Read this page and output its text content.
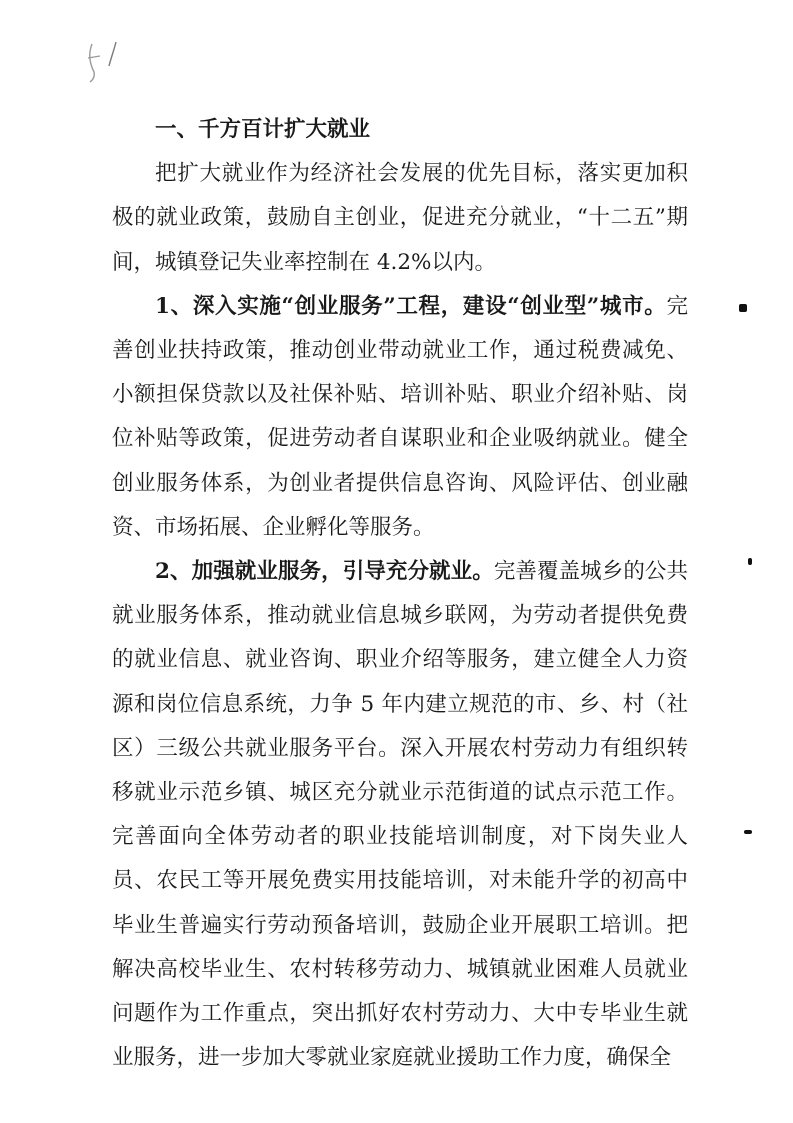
一、千方百计扩大就业

把扩大就业作为经济社会发展的优先目标，落实更加积极的就业政策，鼓励自主创业，促进充分就业，“十二五”期间，城镇登记失业率控制在 4.2%以内。

1、深入实施“创业服务”工程，建设“创业型”城市。完善创业扶持政策，推动创业带动就业工作，通过税费减免、小额担保贷款以及社保补贴、培训补贴、职业介绍补贴、岗位补贴等政策，促进劳动者自谋职业和企业吸纳就业。健全创业服务体系，为创业者提供信息咨询、风险评估、创业融资、市场拓展、企业孵化等服务。

2、加强就业服务，引导充分就业。完善覆盖城乡的公共就业服务体系，推动就业信息城乡联网，为劳动者提供免费的就业信息、就业咨询、职业介绍等服务，建立健全人力资源和岗位信息系统，力争 5 年内建立规范的市、乡、村（社区）三级公共就业服务平台。深入开展农村劳动力有组织转移就业示范乡镇、城区充分就业示范街道的试点示范工作。完善面向全体劳动者的职业技能培训制度，对下岗失业人员、农民工等开展免费实用技能培训，对未能升学的初高中毕业生普遍实行劳动预备培训，鼓励企业开展职工培训。把解决高校毕业生、农村转移劳动力、城镇就业困难人员就业问题作为工作重点，突出抓好农村劳动力、大中专毕业生就业服务，进一步加大零就业家庭就业援助工作力度，确保全
